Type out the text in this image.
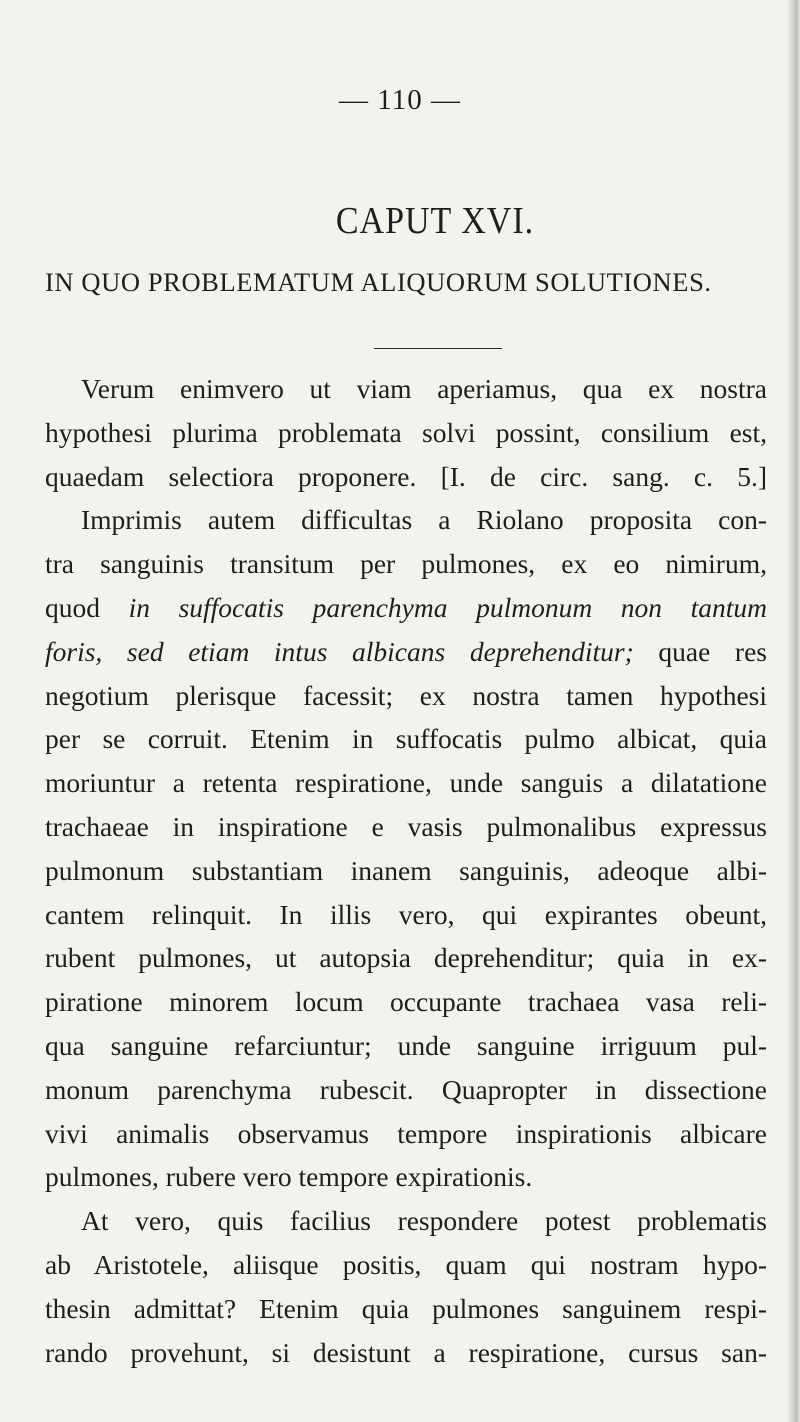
— 110 —
CAPUT XVI.
IN QUO PROBLEMATUM ALIQUORUM SOLUTIONES.
Verum enimvero ut viam aperiamus, qua ex nostra
hypothesi plurima problemata solvi possint, consilium est,
quaedam selectiora proponere. [I. de circ. sang. c. 5.]
Imprimis autem difficultas a Riolano proposita con-
tra sanguinis transitum per pulmones, ex eo nimirum,
quod in suffocatis parenchyma pulmonum non tantum
foris, sed etiam intus albicans deprehenditur; quae res
negotium plerisque facessit; ex nostra tamen hypothesi
per se corruit. Etenim in suffocatis pulmo albicat, quia
moriuntur a retenta respiratione, unde sanguis a dilatatione
trachaeae in inspiratione e vasis pulmonalibus expressus
pulmonum substantiam inanem sanguinis, adeoque albi-
cantem relinquit. In illis vero, qui expirantes obeunt,
rubent pulmones, ut autopsia deprehenditur; quia in ex-
piratione minorem locum occupante trachaea vasa reli-
qua sanguine refarciuntur; unde sanguine irriguum pul-
monum parenchyma rubescit. Quapropter in dissectione
vivi animalis observamus tempore inspirationis albicare
pulmones, rubere vero tempore expirationis.
At vero, quis facilius respondere potest problematis
ab Aristotele, aliisque positis, quam qui nostram hypo-
thesin admittat? Etenim quia pulmones sanguinem respi-
rando provehunt, si desistunt a respiratione, cursus san-
